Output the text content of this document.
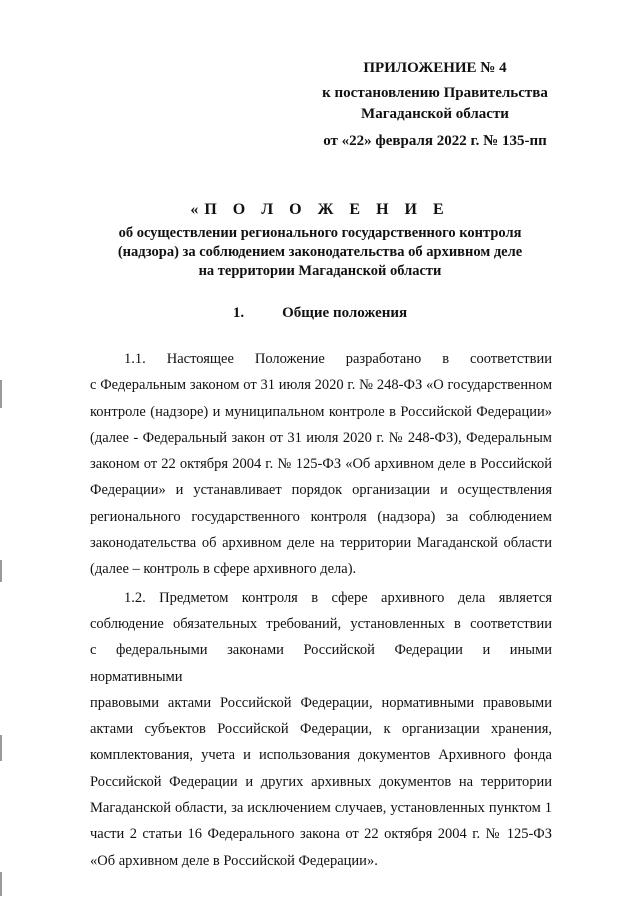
ПРИЛОЖЕНИЕ № 4
к постановлению Правительства
Магаданской области
от «22» февраля 2022 г. № 135-пп
«П О Л О Ж Е Н И Е
об осуществлении регионального государственного контроля
(надзора) за соблюдением законодательства об архивном деле
на территории Магаданской области
1.	Общие положения

1.1. Настоящее Положение разработано в соответствии
с Федеральным законом от 31 июля 2020 г. № 248-ФЗ «О государственном
контроле (надзоре) и муниципальном контроле в Российской Федерации»
(далее - Федеральный закон от 31 июля 2020 г. № 248-ФЗ), Федеральным
законом от 22 октября 2004 г. № 125-ФЗ «Об архивном деле в Российской
Федерации» и устанавливает порядок организации и осуществления
регионального государственного контроля (надзора) за соблюдением
законодательства об архивном деле на территории Магаданской области
(далее – контроль в сфере архивного дела).

1.2. Предметом контроля в сфере архивного дела является
соблюдение обязательных требований, установленных в соответствии
с федеральными законами Российской Федерации и иными нормативными
правовыми актами Российской Федерации, нормативными правовыми
актами субъектов Российской Федерации, к организации хранения,
комплектования, учета и использования документов Архивного фонда
Российской Федерации и других архивных документов на территории
Магаданской области, за исключением случаев, установленных пунктом 1
части 2 статьи 16 Федерального закона от 22 октября 2004 г. № 125-ФЗ
«Об архивном деле в Российской Федерации».
